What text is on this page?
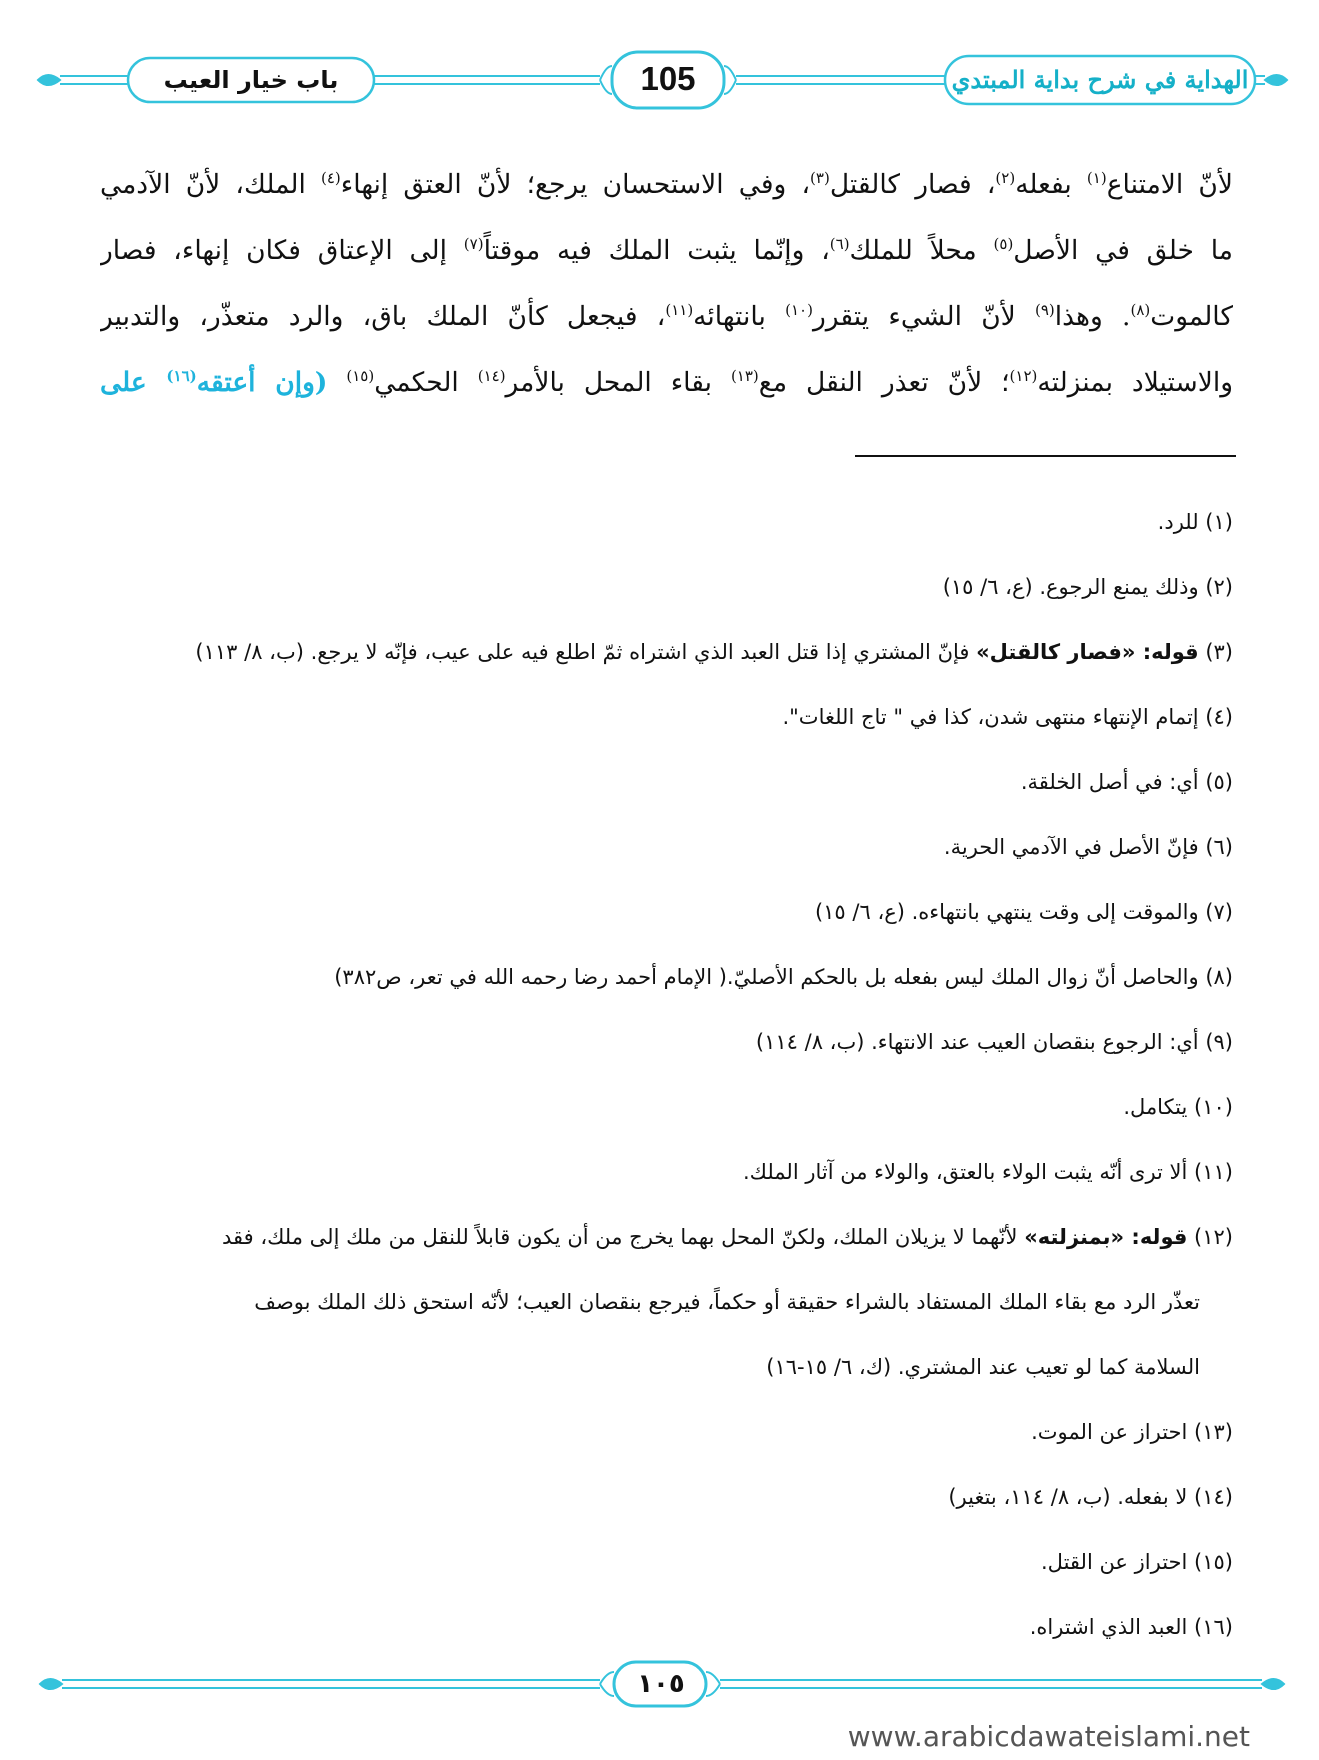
باب خيار العيب	105	الهداية في شرح بداية المبتدي
لأنّ الامتناع$^{(١)}$ بفعله$^{(٢)}$، فصار كالقتل$^{(٣)}$، وفي الاستحسان يرجع؛ لأنّ العتق إنهاء$^{(٤)}$ الملك، لأنّ الآدمي
ما خلق في الأصل$^{(٥)}$ محلاً للملك$^{(٦)}$، وإنّما يثبت الملك فيه موقتاً$^{(٧)}$ إلى الإعتاق فكان إنهاء، فصار
كالموت$^{(٨)}$. وهذا$^{(٩)}$ لأنّ الشيء يتقرر$^{(١٠)}$ بانتهائه$^{(١١)}$، فيجعل كأنّ الملك باق، والرد متعذّر، والتدبير
والاستيلاد بمنزلته$^{(١٢)}$؛ لأنّ تعذر النقل مع$^{(١٣)}$ بقاء المحل بالأمر$^{(١٤)}$ الحكمي$^{(١٥)}$ (وإن أعتقه$^{(١٦)}$ على
(١) للرد.
(٢) وذلك يمنع الرجوع. (ع، ٦/ ١٥)
(٣) قوله: «فصار كالقتل» فإنّ المشتري إذا قتل العبد الذي اشتراه ثمّ اطلع فيه على عيب، فإنّه لا يرجع. (ب، ٨/ ١١٣)
(٤) إتمام الإنتهاء منتهى شدن، كذا في " تاج اللغات".
(٥) أي: في أصل الخلقة.
(٦) فإنّ الأصل في الآدمي الحرية.
(٧) والموقت إلى وقت ينتهي بانتهاءه. (ع، ٦/ ١٥)
(٨) والحاصل أنّ زوال الملك ليس بفعله بل بالحكم الأصليّ.( الإمام أحمد رضا رحمه الله في تعر، ص٣٨٢)
(٩) أي: الرجوع بنقصان العيب عند الانتهاء. (ب، ٨/ ١١٤)
(١٠) يتكامل.
(١١) ألا ترى أنّه يثبت الولاء بالعتق، والولاء من آثار الملك.
(١٢) قوله: «بمنزلته» لأنّهما لا يزيلان الملك، ولكنّ المحل بهما يخرج من أن يكون قابلاً للنقل من ملك إلى ملك، فقد
تعذّر الرد مع بقاء الملك المستفاد بالشراء حقيقة أو حكماً، فيرجع بنقصان العيب؛ لأنّه استحق ذلك الملك بوصف
السلامة كما لو تعيب عند المشتري. (ك، ٦/ ١٥-١٦)
(١٣) احتراز عن الموت.
(١٤) لا بفعله. (ب، ٨/ ١١٤، بتغير)
(١٥) احتراز عن القتل.
(١٦) العبد الذي اشتراه.
١٠٥
www.arabicdawateislami.net
